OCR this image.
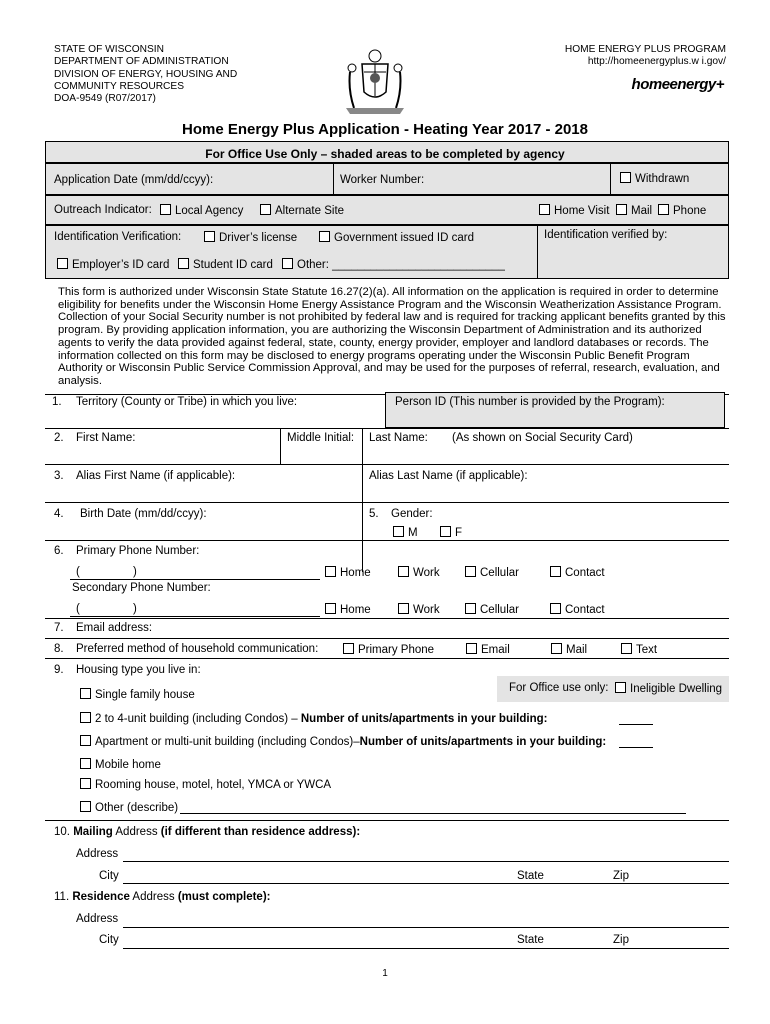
STATE OF WISCONSIN
DEPARTMENT OF ADMINISTRATION
DIVISION OF ENERGY, HOUSING AND
COMMUNITY RESOURCES
DOA-9549 (R07/2017)
HOME ENERGY PLUS PROGRAM
http://homeenergyplus.w i.gov/
homeenergy+
Home Energy Plus Application - Heating Year 2017 - 2018
For Office Use Only – shaded areas to be completed by agency
Application Date (mm/dd/ccyy):	Worker Number:	Withdrawn
Outreach Indicator:	Local Agency	Alternate Site	Home Visit	Mail	Phone
Identification Verification:	Driver’s license	Government issued ID card	Identification verified by:
Employer’s ID card	Student ID card	Other: ___________________________
This form is authorized under Wisconsin State Statute 16.27(2)(a). All information on the application is required in order to determine eligibility for benefits under the Wisconsin Home Energy Assistance Program and the Wisconsin Weatherization Assistance Program. Collection of your Social Security number is not prohibited by federal law and is required for tracking applicant benefits granted by this program. By providing application information, you are authorizing the Wisconsin Department of Administration and its authorized agents to verify the data provided against federal, state, county, energy provider, employer and landlord databases or records. The information collected on this form may be disclosed to energy programs operating under the Wisconsin Public Benefit Program Authority or Wisconsin Public Service Commission Approval, and may be used for the purposes of referral, research, evaluation, and analysis.
1. Territory (County or Tribe) in which you live:	Person ID (This number is provided by the Program):
2. First Name:	Middle Initial: Last Name: (As shown on Social Security Card)
3. Alias First Name (if applicable):	Alias Last Name (if applicable):
4. Birth Date (mm/dd/ccyy):	5. Gender:
M	F
6. Primary Phone Number:
(	)	Home	Work	Cellular	Contact
Secondary Phone Number:
(	)	Home	Work	Cellular	Contact
7. Email address:
8. Preferred method of household communication:	Primary Phone	Email	Mail	Text
9. Housing type you live in:
For Office use only:	Ineligible Dwelling
Single family house
2 to 4-unit building (including Condos) – Number of units/apartments in your building:
Apartment or multi-unit building (including Condos)–Number of units/apartments in your building:
Mobile home
Rooming house, motel, hotel, YMCA or YWCA
Other (describe)
10. Mailing Address (if different than residence address):
Address
City	State	Zip
11. Residence Address (must complete):
Address
City	State	Zip
1
